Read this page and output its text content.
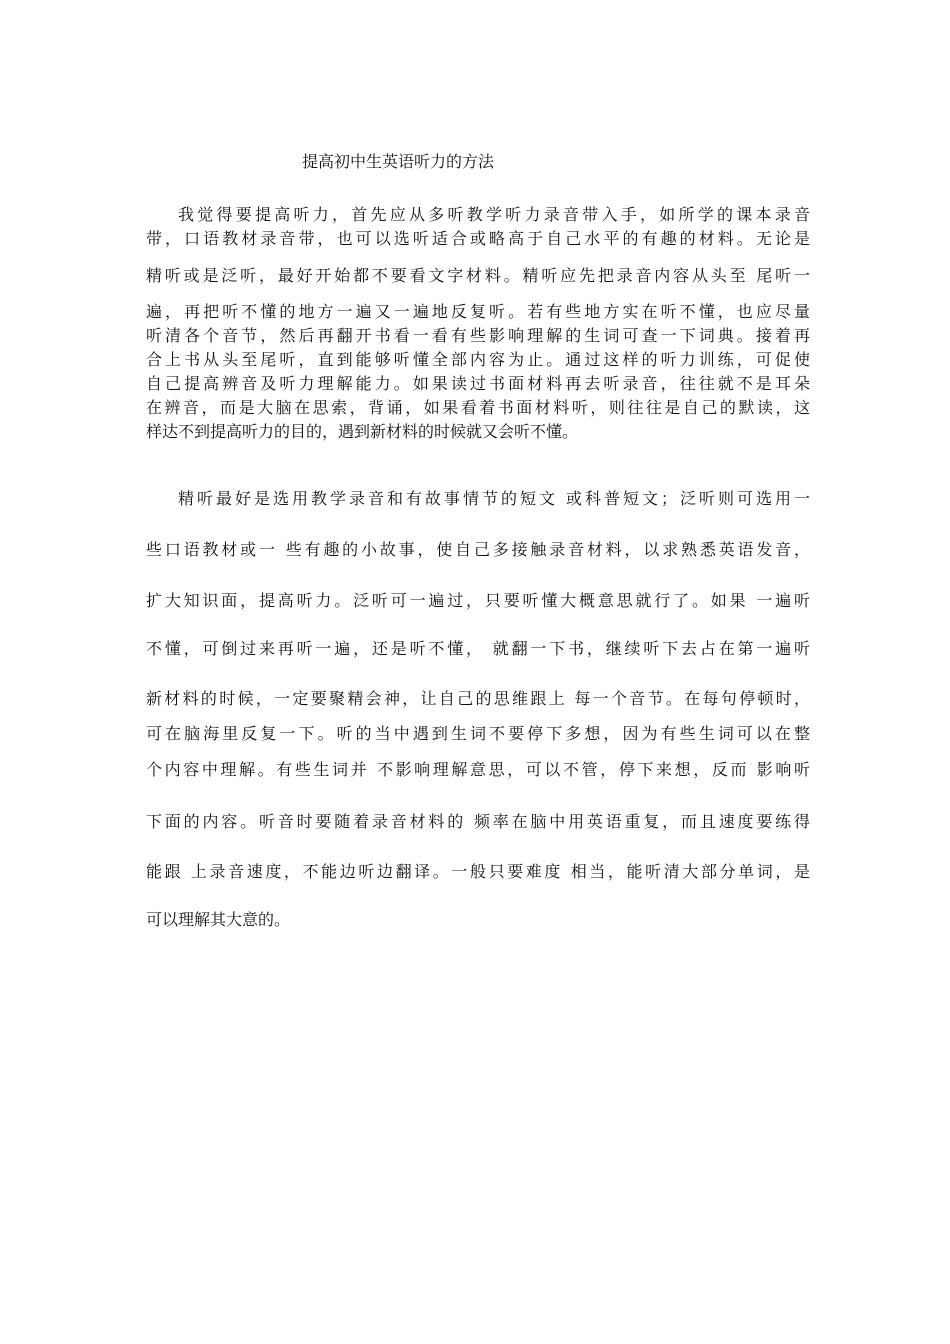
提高初中生英语听力的方法
我觉得要提高听力，首先应从多听教学听力录音带入手，如所学的课本录音
带，口语教材录音带，也可以选听适合或略高于自己水平的有趣的材料。无论是
精听或是泛听，最好开始都不要看文字材料。精听应先把录音内容从头至 尾听一
遍，再把听不懂的地方一遍又一遍地反复听。若有些地方实在听不懂，也应尽量
听清各个音节，然后再翻开书看一看有些影响理解的生词可查一下词典。接着再
合上书从头至尾听，直到能够听懂全部内容为止。通过这样的听力训练，可促使
自己提高辨音及听力理解能力。如果读过书面材料再去听录音，往往就不是耳朵
在辨音，而是大脑在思索，背诵，如果看着书面材料听，则往往是自己的默读，这
样达不到提高听力的目的，遇到新材料的时候就又会听不懂。
精听最好是选用教学录音和有故事情节的短文 或科普短文；泛听则可选用一
些口语教材或一 些有趣的小故事，使自己多接触录音材料，以求熟悉英语发音，
扩大知识面，提高听力。泛听可一遍过，只要听懂大概意思就行了。如果 一遍听
不懂，可倒过来再听一遍，还是听不懂， 就翻一下书，继续听下去占在第一遍听
新材料的时候，一定要聚精会神，让自己的思维跟上 每一个音节。在每句停顿时，
可在脑海里反复一下。听的当中遇到生词不要停下多想，因为有些生词可以在整
个内容中理解。有些生词并 不影响理解意思，可以不管，停下来想，反而 影响听
下面的内容。听音时要随着录音材料的 频率在脑中用英语重复，而且速度要练得
能跟 上录音速度，不能边听边翻译。一般只要难度 相当，能听清大部分单词，是
可以理解其大意的。
